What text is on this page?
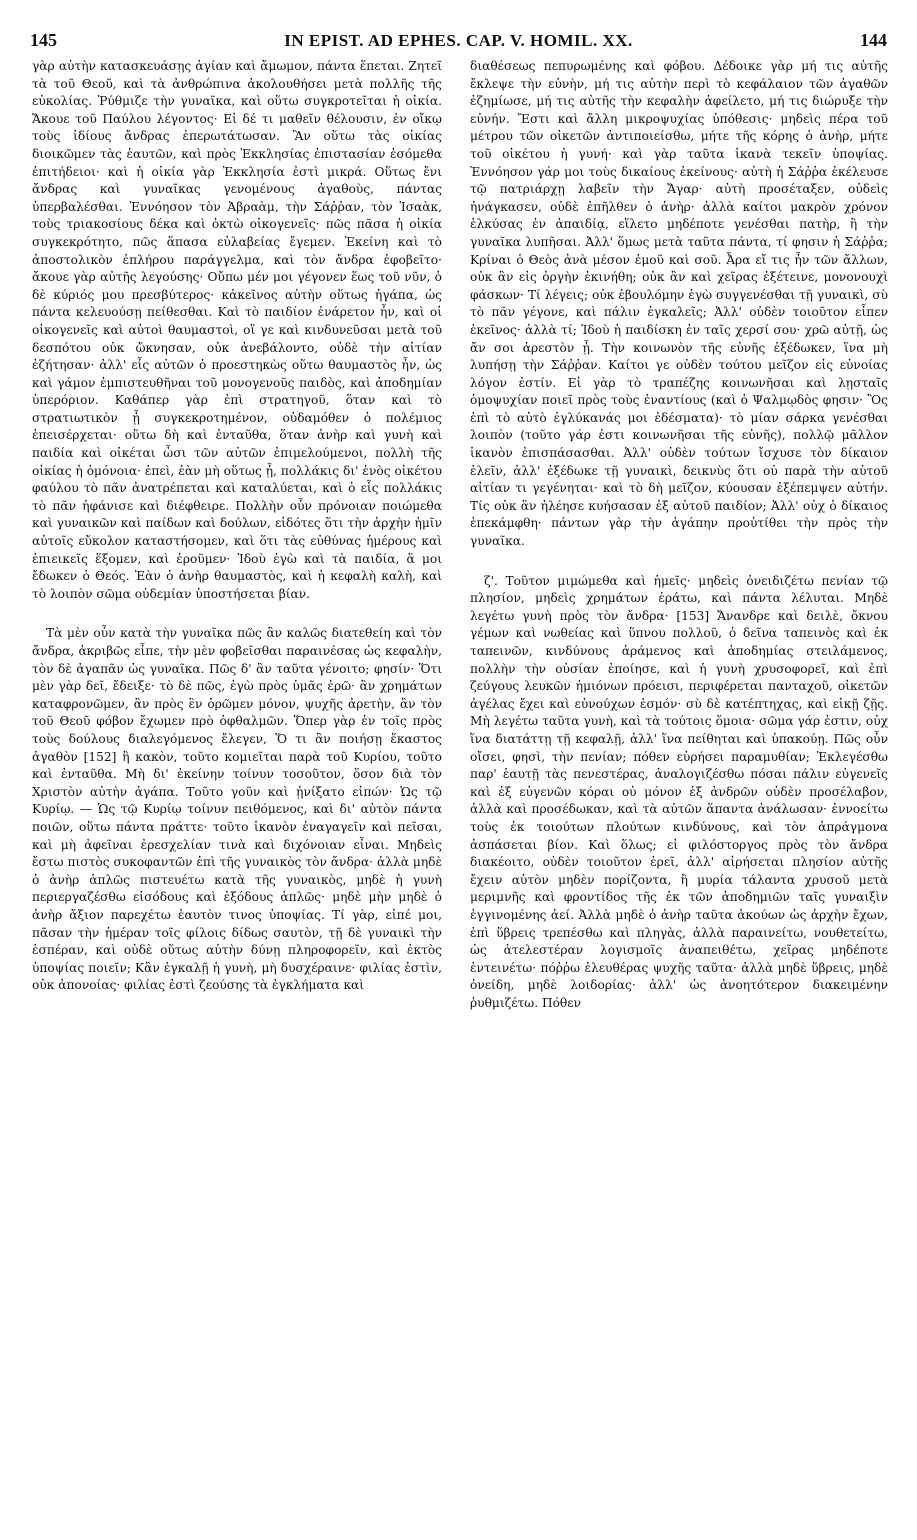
145	IN EPIST. AD EPHES. CAP. V. HOMIL. XX.	144

γὰρ αὐτὴν κατασκευάσῃς ἁγίαν καὶ ἄμωμον, πάντα ἕπεται. Ζητεῖ τὰ τοῦ Θεοῦ, καὶ τὰ ἀνθρώπινα ἀκολουθήσει μετὰ πολλῆς τῆς εὐκολίας. Ῥύθμιζε τὴν γυναῖκα, καὶ οὕτω συγκροτεῖται ἡ οἰκία. Ἄκουε τοῦ Παύλου λέγοντος· Εἰ δέ τι μαθεῖν θέλουσιν, ἐν οἴκῳ τοὺς ἰδίους ἄνδρας ἐπερωτάτωσαν. Ἂν οὕτω τὰς οἰκίας διοικῶμεν τὰς ἑαυτῶν, καὶ πρὸς Ἐκκλησίας ἐπιστασίαν ἐσόμεθα ἐπιτήδειοι· καὶ ἡ οἰκία γὰρ Ἐκκλησία ἐστὶ μικρά. Οὕτως ἔνι ἄνδρας καὶ γυναῖκας γενομένους ἀγαθοὺς, πάντας ὑπερβαλέσθαι. Ἐννόησον τὸν Ἀβραὰμ, τὴν Σάῤῥαν, τὸν Ἰσαὰκ, τοὺς τριακοσίους δέκα καὶ ὀκτὼ οἰκογενεῖς· πῶς πᾶσα ἡ οἰκία συγκεκρότητο, πῶς ἅπασα εὐλαβείας ἔγεμεν. Ἐκείνη καὶ τὸ ἀποστολικὸν ἐπλήρου παράγγελμα, καὶ τὸν ἄνδρα ἐφοβεῖτο· ἄκουε γὰρ αὐτῆς λεγούσης· Οὔπω μέν μοι γέγονεν ἕως τοῦ νῦν, ὁ δὲ κύριός μου πρεσβύτερος· κἀκεῖνος αὐτὴν οὕτως ἠγάπα, ὡς πάντα κελευούσῃ πείθεσθαι. Καὶ τὸ παιδίον ἐνάρετον ἦν, καὶ οἱ οἰκογενεῖς καὶ αὐτοὶ θαυμαστοὶ, οἵ γε καὶ κινδυνεῦσαι μετὰ τοῦ δεσπότου οὐκ ὤκνησαν, οὐκ ἀνεβάλοντο, οὐδὲ τὴν αἰτίαν ἐζήτησαν· ἀλλ' εἷς αὐτῶν ὁ προεστηκὼς οὕτω θαυμαστὸς ἦν, ὡς καὶ γάμον ἐμπιστευθῆναι τοῦ μονογενοῦς παιδὸς, καὶ ἀποδημίαν ὑπερόριον. Καθάπερ γὰρ ἐπὶ στρατηγοῦ, ὅταν καὶ τὸ στρατιωτικὸν ᾖ συγκεκροτημένον, οὐδαμόθεν ὁ πολέμιος ἐπεισέρχεται· οὕτω δὴ καὶ ἐνταῦθα, ὅταν ἀνὴρ καὶ γυνὴ καὶ παιδία καὶ οἰκέται ὦσι τῶν αὐτῶν ἐπιμελούμενοι, πολλὴ τῆς οἰκίας ἡ ὁμόνοια· ἐπεὶ, ἐὰν μὴ οὕτως ᾖ, πολλάκις δι' ἑνὸς οἰκέτου φαύλου τὸ πᾶν ἀνατρέπεται καὶ καταλύεται, καὶ ὁ εἷς πολλάκις τὸ πᾶν ἠφάνισε καὶ διέφθειρε. Πολλὴν οὖν πρόνοιαν ποιώμεθα καὶ γυναικῶν καὶ παίδων καὶ δούλων, εἰδότες ὅτι τὴν ἀρχὴν ἡμῖν αὐτοῖς εὔκολον καταστήσομεν, καὶ ὅτι τὰς εὐθύνας ἡμέρους καὶ ἐπιεικεῖς ἕξομεν, καὶ ἐροῦμεν· Ἰδοὺ ἐγὼ καὶ τὰ παιδία, ἅ μοι ἔδωκεν ὁ Θεός. Ἐὰν ὁ ἀνὴρ θαυμαστὸς, καὶ ἡ κεφαλὴ καλὴ, καὶ τὸ λοιπὸν σῶμα οὐδεμίαν ὑποστήσεται βίαν.

Τὰ μὲν οὖν κατὰ τὴν γυναῖκα πῶς ἂν καλῶς διατεθείη καὶ τὸν ἄνδρα, ἀκριβῶς εἶπε, τὴν μὲν φοβεῖσθαι παραινέσας ὡς κεφαλὴν, τὸν δὲ ἀγαπᾶν ὡς γυναῖκα. Πῶς δ' ἂν ταῦτα γένοιτο; φησίν· Ὅτι μὲν γὰρ δεῖ, ἔδειξε· τὸ δὲ πῶς, ἐγὼ πρὸς ὑμᾶς ἐρῶ· ἂν χρημάτων καταφρονῶμεν, ἂν πρὸς ἓν ὁρῶμεν μόνον, ψυχῆς ἀρετὴν, ἂν τὸν τοῦ Θεοῦ φόβον ἔχωμεν πρὸ ὀφθαλμῶν. Ὅπερ γὰρ ἐν τοῖς πρὸς τοὺς δούλους διαλεγόμενος ἔλεγεν, Ὅ τι ἂν ποιήσῃ ἕκαστος ἀγαθὸν [152] ἢ κακὸν, τοῦτο κομιεῖται παρὰ τοῦ Κυρίου, τοῦτο καὶ ἐνταῦθα. Μὴ δι' ἐκείνην τοίνυν τοσοῦτον, ὅσον διὰ τὸν Χριστὸν αὐτὴν ἀγάπα. Τοῦτο γοῦν καὶ ᾐνίξατο εἰπών· Ὡς τῷ Κυρίῳ. — Ὡς τῷ Κυρίῳ τοίνυν πειθόμενος, καὶ δι' αὐτὸν πάντα ποιῶν, οὕτω πάντα πράττε· τοῦτο ἱκανὸν ἐναγαγεῖν καὶ πεῖσαι, καὶ μὴ ἀφεῖναι ἐρεσχελίαν τινὰ καὶ διχόνοιαν εἶναι. Μηδεὶς ἔστω πιστὸς συκοφαντῶν ἐπὶ τῆς γυναικὸς τὸν ἄνδρα· ἀλλὰ μηδὲ ὁ ἀνὴρ ἁπλῶς πιστευέτω κατὰ τῆς γυναικὸς, μηδὲ ἡ γυνὴ περιεργαζέσθω εἰσόδους καὶ ἐξόδους ἁπλῶς· μηδὲ μὴν μηδὲ ὁ ἀνὴρ ἄξιον παρεχέτω ἑαυτὸν τινος ὑποψίας. Τί γὰρ, εἰπέ μοι, πᾶσαν τὴν ἡμέραν τοῖς φίλοις δίδως σαυτὸν, τῇ δὲ γυναικὶ τὴν ἑσπέραν, καὶ οὐδὲ οὕτως αὐτὴν δύνῃ πληροφορεῖν, καὶ ἐκτὸς ὑποψίας ποιεῖν; Κἂν ἐγκαλῇ ἡ γυνὴ, μὴ δυσχέραινε· φιλίας ἐστὶν, οὐκ ἀπονοίας· φιλίας ἐστὶ ζεούσης τὰ ἐγκλήματα καὶ

διαθέσεως πεπυρωμένης καὶ φόβου. Δέδοικε γὰρ μή τις αὐτῆς ἔκλεψε τὴν εὐνὴν, μή τις αὐτὴν περὶ τὸ κεφάλαιον τῶν ἀγαθῶν ἐζημίωσε, μή τις αὐτῆς τὴν κεφαλὴν ἀφείλετο, μή τις διώρυξε τὴν εὐνήν. Ἔστι καὶ ἄλλη μικροψυχίας ὑπόθεσις· μηδεὶς πέρα τοῦ μέτρου τῶν οἰκετῶν ἀντιποιείσθω, μήτε τῆς κόρης ὁ ἀνὴρ, μήτε τοῦ οἰκέτου ἡ γυνή· καὶ γὰρ ταῦτα ἱκανὰ τεκεῖν ὑποψίας. Ἐννόησον γάρ μοι τοὺς δικαίους ἐκείνους· αὐτὴ ἡ Σάῤῥα ἐκέλευσε τῷ πατριάρχῃ λαβεῖν τὴν Ἄγαρ· αὐτὴ προσέταξεν, οὐδεὶς ἠνάγκασεν, οὐδὲ ἐπῆλθεν ὁ ἀνὴρ· ἀλλὰ καίτοι μακρὸν χρόνον ἑλκύσας ἐν ἀπαιδίᾳ, εἵλετο μηδέποτε γενέσθαι πατὴρ, ἢ τὴν γυναῖκα λυπῆσαι. Ἀλλ' ὅμως μετὰ ταῦτα πάντα, τί φησιν ἡ Σάῤῥα; Κρίναι ὁ Θεὸς ἀνὰ μέσον ἐμοῦ καὶ σοῦ. Ἆρα εἴ τις ἦν τῶν ἄλλων, οὐκ ἂν εἰς ὀργὴν ἐκινήθη; οὐκ ἂν καὶ χεῖρας ἐξέτεινε, μονονουχὶ φάσκων· Τί λέγεις; οὐκ ἐβουλόμην ἐγὼ συγγενέσθαι τῇ γυναικὶ, σὺ τὸ πᾶν γέγονε, καὶ πάλιν ἐγκαλεῖς; Ἀλλ' οὐδὲν τοιοῦτον εἶπεν ἐκεῖνος· ἀλλὰ τί; Ἰδοὺ ἡ παιδίσκη ἐν ταῖς χερσί σου· χρῶ αὐτῇ, ὡς ἄν σοι ἀρεστὸν ᾖ. Τὴν κοινωνὸν τῆς εὐνῆς ἐξέδωκεν, ἵνα μὴ λυπήσῃ τὴν Σάῤῥαν. Καίτοι γε οὐδὲν τούτου μεῖζον εἰς εὐνοίας λόγον ἐστίν. Εἰ γὰρ τὸ τραπέζης κοινωνῆσαι καὶ λῃσταῖς ὁμοψυχίαν ποιεῖ πρὸς τοὺς ἐναντίους (καὶ ὁ Ψαλμῳδὸς φησιν· Ὃς ἐπὶ τὸ αὐτὸ ἐγλύκανάς μοι ἐδέσματα)· τὸ μίαν σάρκα γενέσθαι λοιπὸν (τοῦτο γάρ ἐστι κοινωνῆσαι τῆς εὐνῆς), πολλῷ μᾶλλον ἱκανὸν ἐπισπάσασθαι. Ἀλλ' οὐδὲν τούτων ἴσχυσε τὸν δίκαιον ἑλεῖν, ἀλλ' ἐξέδωκε τῇ γυναικὶ, δεικνὺς ὅτι οὐ παρὰ τὴν αὐτοῦ αἰτίαν τι γεγένηται· καὶ τὸ δὴ μεῖζον, κύουσαν ἐξέπεμψεν αὐτήν. Τίς οὐκ ἂν ἠλέησε κυήσασαν ἐξ αὐτοῦ παιδίον; Ἀλλ' οὐχ ὁ δίκαιος ἐπεκάμφθη· πάντων γὰρ τὴν ἀγάπην προὐτίθει τὴν πρὸς τὴν γυναῖκα.

ζ'. Τοῦτον μιμώμεθα καὶ ἡμεῖς· μηδεὶς ὀνειδιζέτω πενίαν τῷ πλησίον, μηδεὶς χρημάτων ἐράτω, καὶ πάντα λέλυται. Μηδὲ λεγέτω γυνὴ πρὸς τὸν ἄνδρα· [153] Ἄνανδρε καὶ δειλὲ, ὄκνου γέμων καὶ νωθείας καὶ ὕπνου πολλοῦ, ὁ δεῖνα ταπεινὸς καὶ ἐκ ταπεινῶν, κινδύνους ἀράμενος καὶ ἀποδημίας στειλάμενος, πολλὴν τὴν οὐσίαν ἐποίησε, καὶ ἡ γυνὴ χρυσοφορεῖ, καὶ ἐπὶ ζεύγους λευκῶν ἡμιόνων πρόεισι, περιφέρεται πανταχοῦ, οἰκετῶν ἀγέλας ἔχει καὶ εὐνούχων ἑσμόν· σὺ δὲ κατέπτηχας, καὶ εἰκῇ ζῇς. Μὴ λεγέτω ταῦτα γυνὴ, καὶ τὰ τούτοις ὅμοια· σῶμα γάρ ἐστιν, οὐχ ἵνα διατάττῃ τῇ κεφαλῇ, ἀλλ' ἵνα πείθηται καὶ ὑπακούῃ. Πῶς οὖν οἴσει, φησὶ, τὴν πενίαν; πόθεν εὑρήσει παραμυθίαν; Ἐκλεγέσθω παρ' ἑαυτῇ τὰς πενεστέρας, ἀναλογιζέσθω πόσαι πάλιν εὐγενεῖς καὶ ἐξ εὐγενῶν κόραι οὐ μόνον ἐξ ἀνδρῶν οὐδὲν προσέλαβον, ἀλλὰ καὶ προσέδωκαν, καὶ τὰ αὐτῶν ἅπαντα ἀνάλωσαν· ἐννοείτω τοὺς ἐκ τοιούτων πλούτων κινδύνους, καὶ τὸν ἀπράγμονα ἀσπάσεται βίον. Καὶ ὅλως; εἰ φιλόστοργος πρὸς τὸν ἄνδρα διακέοιτο, οὐδὲν τοιοῦτον ἐρεῖ, ἀλλ' αἱρήσεται πλησίον αὐτῆς ἔχειν αὐτὸν μηδὲν πορίζοντα, ἢ μυρία τάλαντα χρυσοῦ μετὰ μεριμνῆς καὶ φροντίδος τῆς ἐκ τῶν ἀποδημιῶν ταῖς γυναιξὶν ἐγγινομένης ἀεί. Ἀλλὰ μηδὲ ὁ ἀνὴρ ταῦτα ἀκούων ὡς ἀρχὴν ἔχων, ἐπὶ ὕβρεις τρεπέσθω καὶ πληγὰς, ἀλλὰ παραινείτω, νουθετείτω, ὡς ἀτελεστέραν λογισμοῖς ἀναπειθέτω, χεῖρας μηδέποτε ἐντεινέτω· πόῤῥω ἐλευθέρας ψυχῆς ταῦτα· ἀλλὰ μηδὲ ὕβρεις, μηδὲ ὀνείδη, μηδὲ λοιδορίας· ἀλλ' ὡς ἀνοητότερον διακειμένην ῥυθμιζέτω. Πόθεν
